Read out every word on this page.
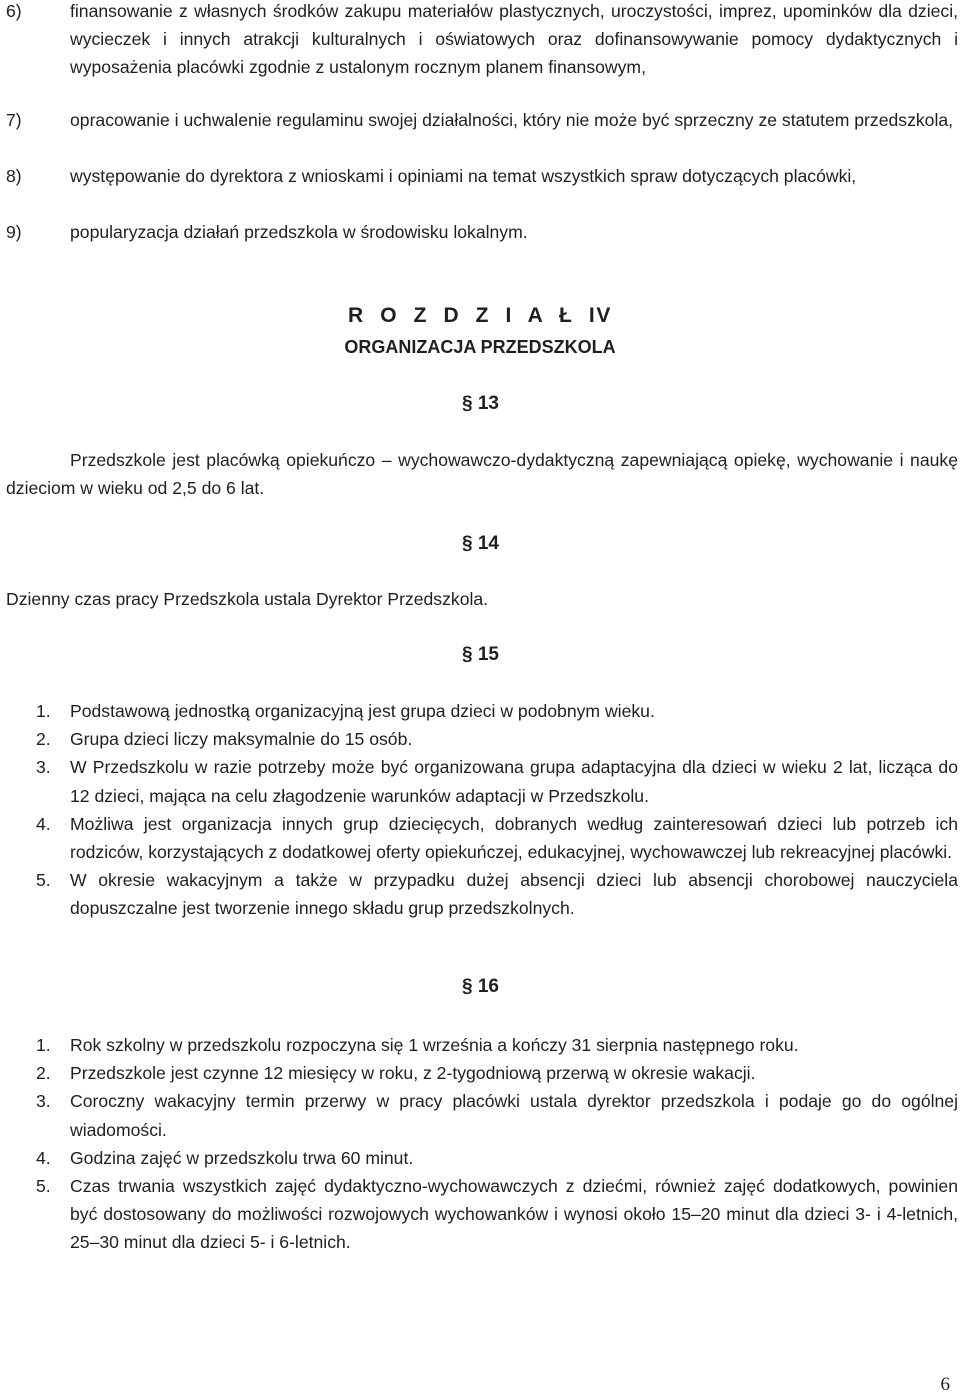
6)	finansowanie z własnych środków zakupu materiałów plastycznych, uroczystości, imprez, upominków dla dzieci, wycieczek i innych atrakcji kulturalnych i oświatowych oraz dofinansowywanie pomocy dydaktycznych i wyposażenia placówki zgodnie z ustalonym rocznym planem finansowym,
7)	opracowanie i uchwalenie regulaminu swojej działalności, który nie może być sprzeczny ze statutem przedszkola,
8)	występowanie do dyrektora z wnioskami i opiniami na temat wszystkich spraw dotyczących placówki,
9)	popularyzacja działań przedszkola w środowisku lokalnym.
R O Z D Z I A Ł IV
ORGANIZACJA PRZEDSZKOLA
§ 13
Przedszkole jest placówką opiekuńczo – wychowawczo-dydaktyczną zapewniającą opiekę, wychowanie i naukę dzieciom w wieku od 2,5 do 6 lat.
§ 14
Dzienny czas pracy Przedszkola ustala Dyrektor Przedszkola.
§ 15
1. Podstawową jednostką organizacyjną jest grupa dzieci w podobnym wieku.
2. Grupa dzieci liczy maksymalnie do 15 osób.
3. W Przedszkolu w razie potrzeby może być organizowana grupa adaptacyjna dla dzieci w wieku 2 lat, licząca do 12 dzieci, mająca na celu złagodzenie warunków adaptacji w Przedszkolu.
4. Możliwa jest organizacja innych grup dziecięcych, dobranych według zainteresowań dzieci lub potrzeb ich rodziców, korzystających z dodatkowej oferty opiekuńczej, edukacyjnej, wychowawczej lub rekreacyjnej placówki.
5. W okresie wakacyjnym a także w przypadku dużej absencji dzieci lub absencji chorobowej nauczyciela dopuszczalne jest tworzenie innego składu grup przedszkolnych.
§ 16
1. Rok szkolny w przedszkolu rozpoczyna się 1 września a kończy 31 sierpnia następnego roku.
2. Przedszkole jest czynne 12 miesięcy w roku, z 2-tygodniową przerwą w okresie wakacji.
3. Coroczny wakacyjny termin przerwy w pracy placówki ustala dyrektor przedszkola i podaje go do ogólnej wiadomości.
4. Godzina zajęć w przedszkolu trwa 60 minut.
5. Czas trwania wszystkich zajęć dydaktyczno-wychowawczych z dziećmi, również zajęć dodatkowych, powinien być dostosowany do możliwości rozwojowych wychowanków i wynosi około 15–20 minut dla dzieci 3- i 4-letnich, 25–30 minut dla dzieci 5- i 6-letnich.
6
